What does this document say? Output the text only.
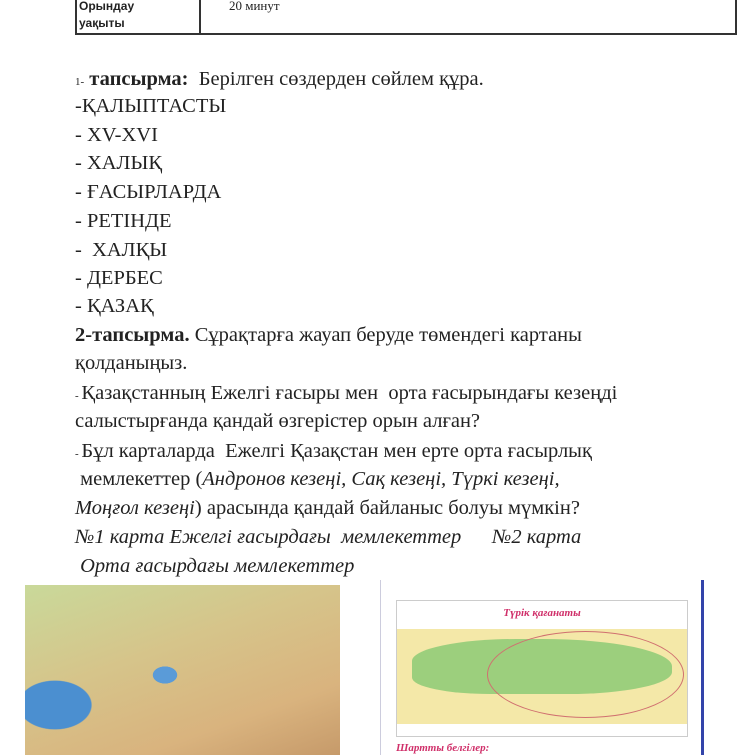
Орындау уақыты
20 минут
1- тапсырма: Берілген сөздерден сөйлем құра.
-ҚАЛЫПТАСТЫ
- XV-XVI
- ХАЛЫҚ
- ҒАСЫРЛАРДА
- РЕТІНДЕ
-  ХАЛҚЫ
- ДЕРБЕС
- ҚАЗАҚ
2-тапсырма. Сұрақтарға жауап беруде төмендегі картаны
қолданыңыз.
- Қазақстанның Ежелгі ғасыры мен  орта ғасырындағы кезеңді
салыстырғанда қандай өзгерістер орын алған?
- Бұл карталарда  Ежелгі Қазақстан мен ерте орта ғасырлық
мемлекеттер (Андронов кезеңі, Сақ кезеңі, Түркі кезеңі,
Моңғол кезеңі) арасында қандай байланыс болуы мүмкін?
№1 карта Ежелгі ғасырдағы  мемлекеттер      №2 карта
Орта ғасырдағы мемлекеттер
Түрік қағанаты
Шартты белгілер:
